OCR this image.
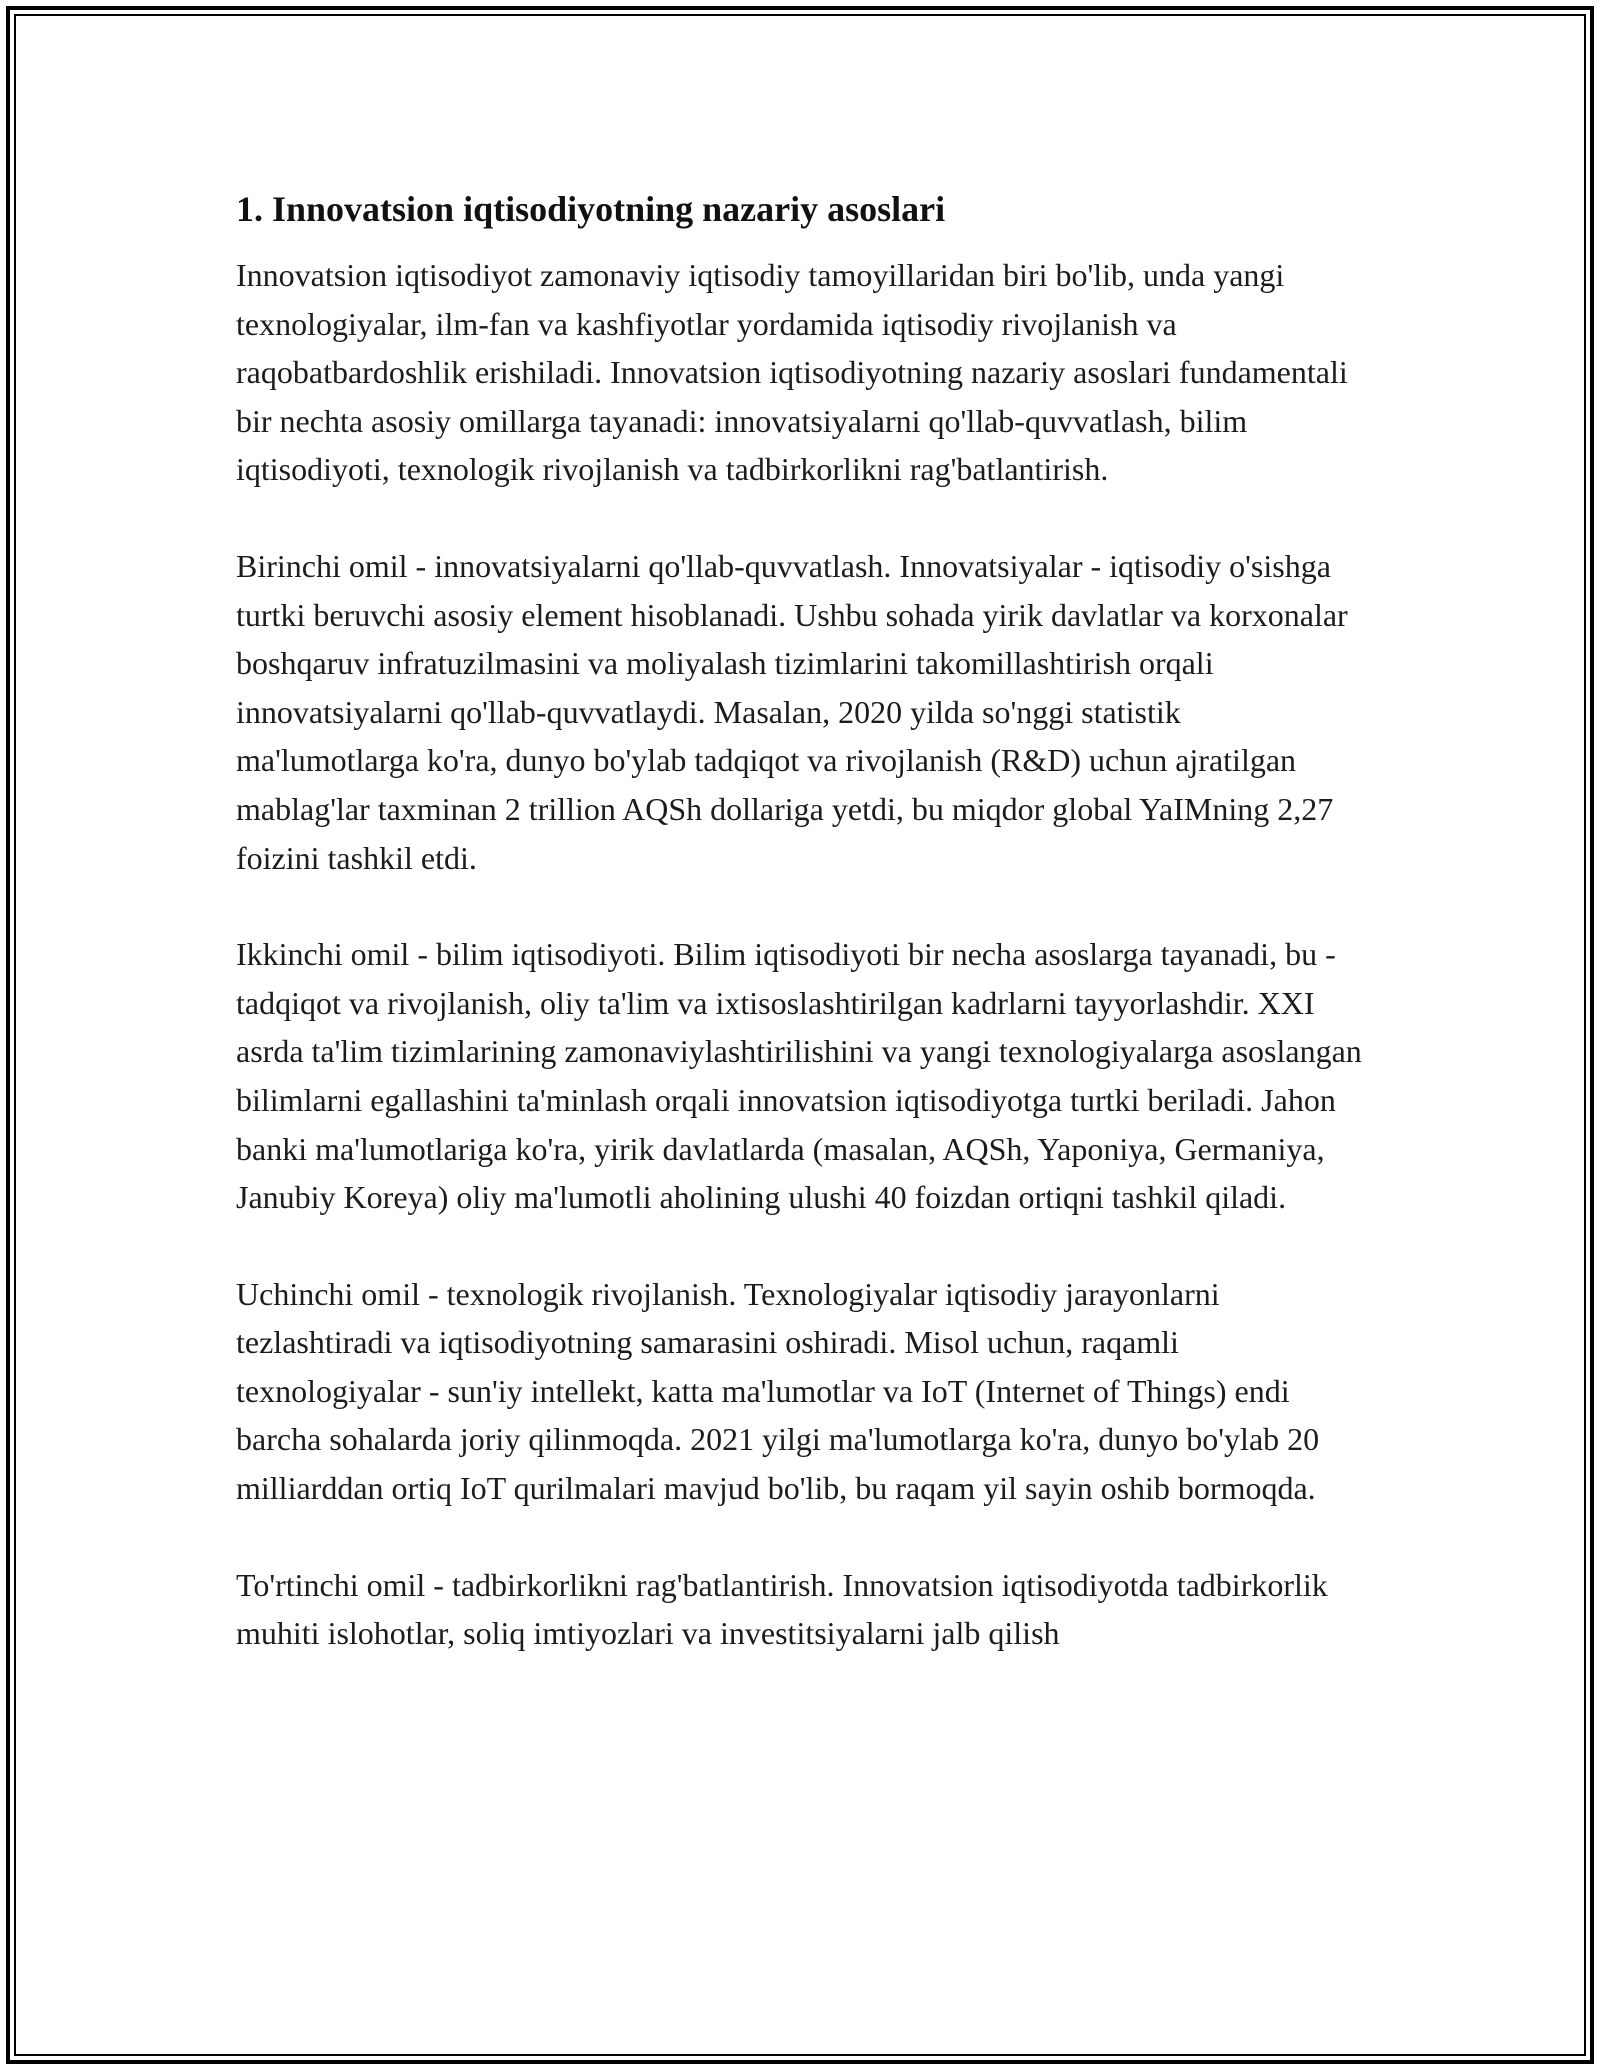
1. Innovatsion iqtisodiyotning nazariy asoslari

Innovatsion iqtisodiyot zamonaviy iqtisodiy tamoyillaridan biri bo'lib, unda yangi texnologiyalar, ilm-fan va kashfiyotlar yordamida iqtisodiy rivojlanish va raqobatbardoshlik erishiladi. Innovatsion iqtisodiyotning nazariy asoslari fundamentali bir nechta asosiy omillarga tayanadi: innovatsiyalarni qo'llab-quvvatlash, bilim iqtisodiyoti, texnologik rivojlanish va tadbirkorlikni rag'batlantirish.

Birinchi omil - innovatsiyalarni qo'llab-quvvatlash. Innovatsiyalar - iqtisodiy o'sishga turtki beruvchi asosiy element hisoblanadi. Ushbu sohada yirik davlatlar va korxonalar boshqaruv infratuzilmasini va moliyalash tizimlarini takomillashtirish orqali innovatsiyalarni qo'llab-quvvatlaydi. Masalan, 2020 yilda so'nggi statistik ma'lumotlarga ko'ra, dunyo bo'ylab tadqiqot va rivojlanish (R&D) uchun ajratilgan mablag'lar taxminan 2 trillion AQSh dollariga yetdi, bu miqdor global YaIMning 2,27 foizini tashkil etdi.

Ikkinchi omil - bilim iqtisodiyoti. Bilim iqtisodiyoti bir necha asoslarga tayanadi, bu - tadqiqot va rivojlanish, oliy ta'lim va ixtisoslashtirilgan kadrlarni tayyorlashdir. XXI asrda ta'lim tizimlarining zamonaviylashtirilishini va yangi texnologiyalarga asoslangan bilimlarni egallashini ta'minlash orqali innovatsion iqtisodiyotga turtki beriladi. Jahon banki ma'lumotlariga ko'ra, yirik davlatlarda (masalan, AQSh, Yaponiya, Germaniya, Janubiy Koreya) oliy ma'lumotli aholining ulushi 40 foizdan ortiqni tashkil qiladi.

Uchinchi omil - texnologik rivojlanish. Texnologiyalar iqtisodiy jarayonlarni tezlashtiradi va iqtisodiyotning samarasini oshiradi. Misol uchun, raqamli texnologiyalar - sun'iy intellekt, katta ma'lumotlar va IoT (Internet of Things) endi barcha sohalarda joriy qilinmoqda. 2021 yilgi ma'lumotlarga ko'ra, dunyo bo'ylab 20 milliarddan ortiq IoT qurilmalari mavjud bo'lib, bu raqam yil sayin oshib bormoqda.

To'rtinchi omil - tadbirkorlikni rag'batlantirish. Innovatsion iqtisodiyotda tadbirkorlik muhiti islohotlar, soliq imtiyozlari va investitsiyalarni jalb qilish
